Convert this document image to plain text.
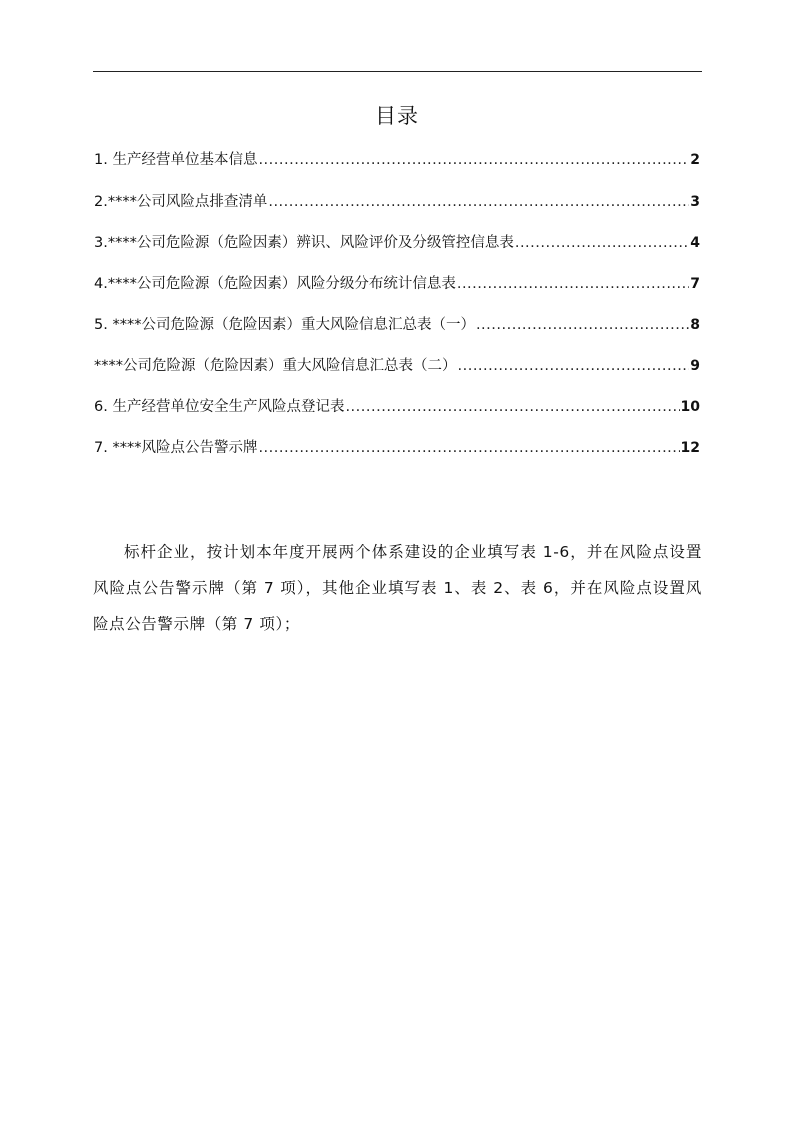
目录
1. 生产经营单位基本信息 .....	2
2.****公司风险点排查清单 .....	3
3.****公司危险源（危险因素）辨识、风险评价及分级管控信息表 .....	4
4.****公司危险源（危险因素）风险分级分布统计信息表 .....	7
5. ****公司危险源（危险因素）重大风险信息汇总表（一） .....	8
****公司危险源（危险因素）重大风险信息汇总表（二） .....	9
6. 生产经营单位安全生产风险点登记表 .....	10
7. ****风险点公告警示牌 .....	12

标杆企业，按计划本年度开展两个体系建设的企业填写表 1-6，并在风险点设置风险点公告警示牌（第 7 项），其他企业填写表 1、表 2、表 6，并在风险点设置风险点公告警示牌（第 7 项）；
